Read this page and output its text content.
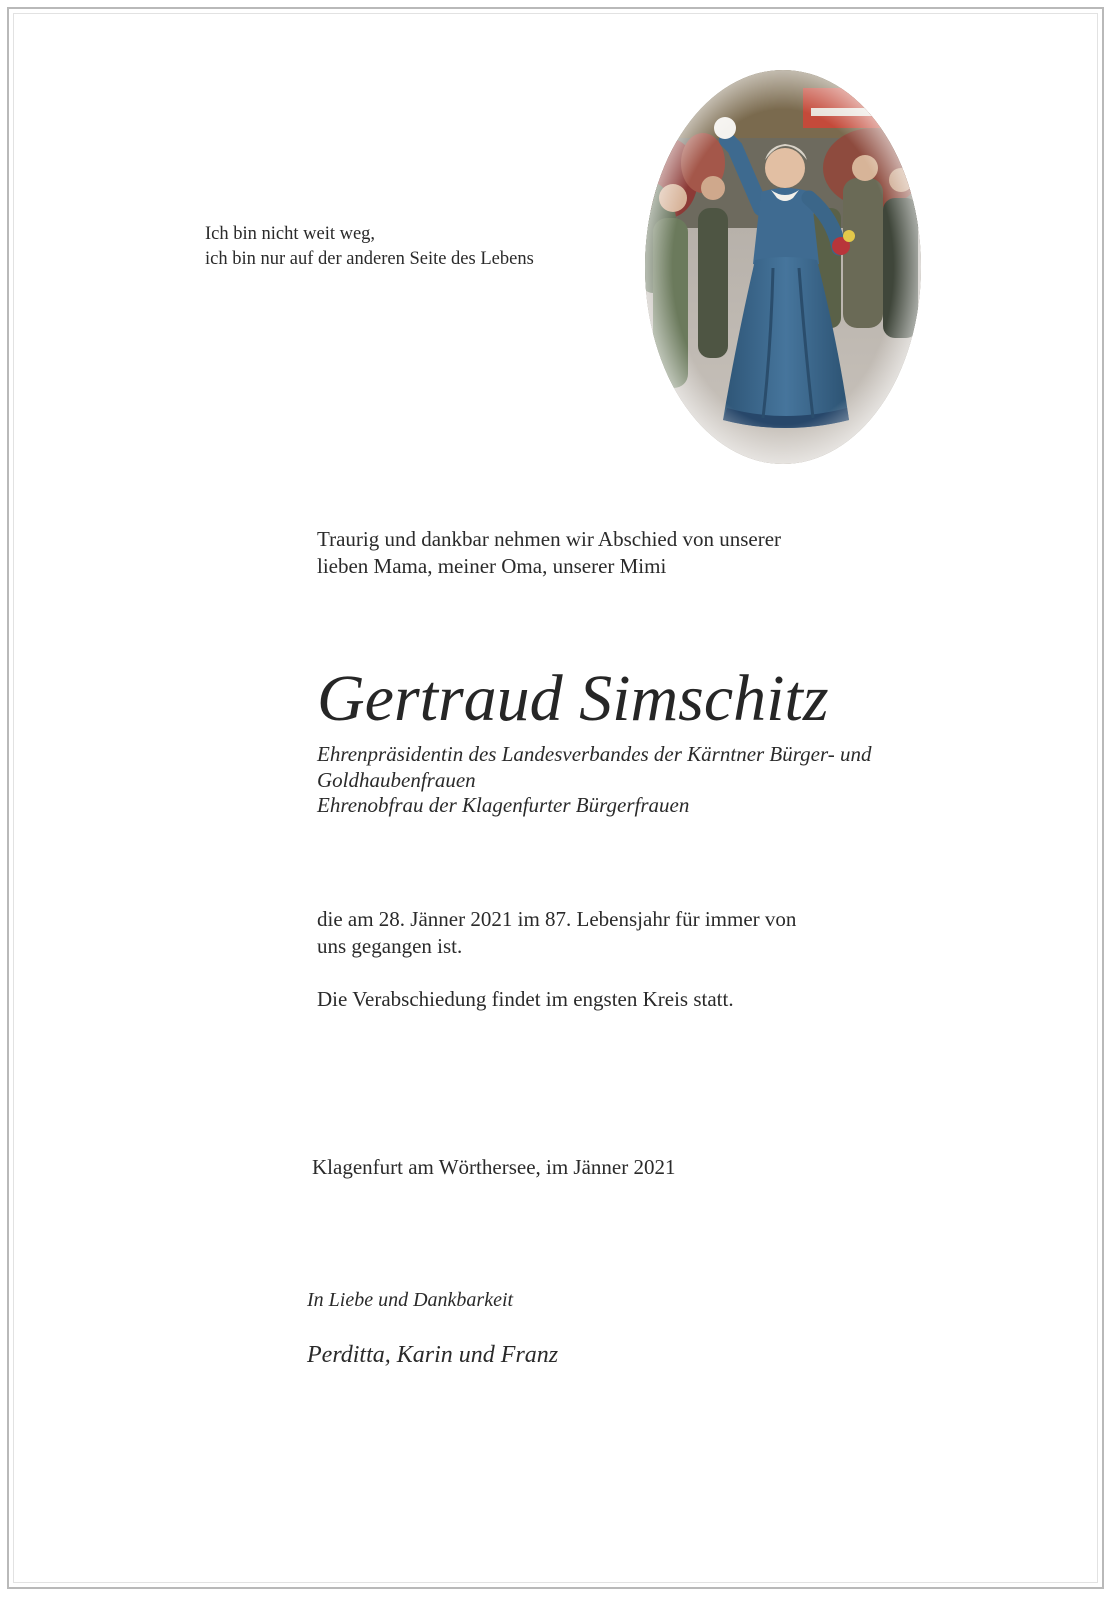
Ich bin nicht weit weg,
ich bin nur auf der anderen Seite des Lebens
Traurig und dankbar nehmen wir Abschied von unserer
lieben Mama, meiner Oma, unserer Mimi
Gertraud Simschitz
Ehrenpräsidentin des Landesverbandes der Kärntner Bürger- und
Goldhaubenfrauen
Ehrenobfrau der Klagenfurter Bürgerfrauen
die am 28. Jänner 2021 im 87. Lebensjahr für immer von
uns gegangen ist.
Die Verabschiedung findet im engsten Kreis statt.
Klagenfurt am Wörthersee, im Jänner 2021
In Liebe und Dankbarkeit
Perditta, Karin und Franz
